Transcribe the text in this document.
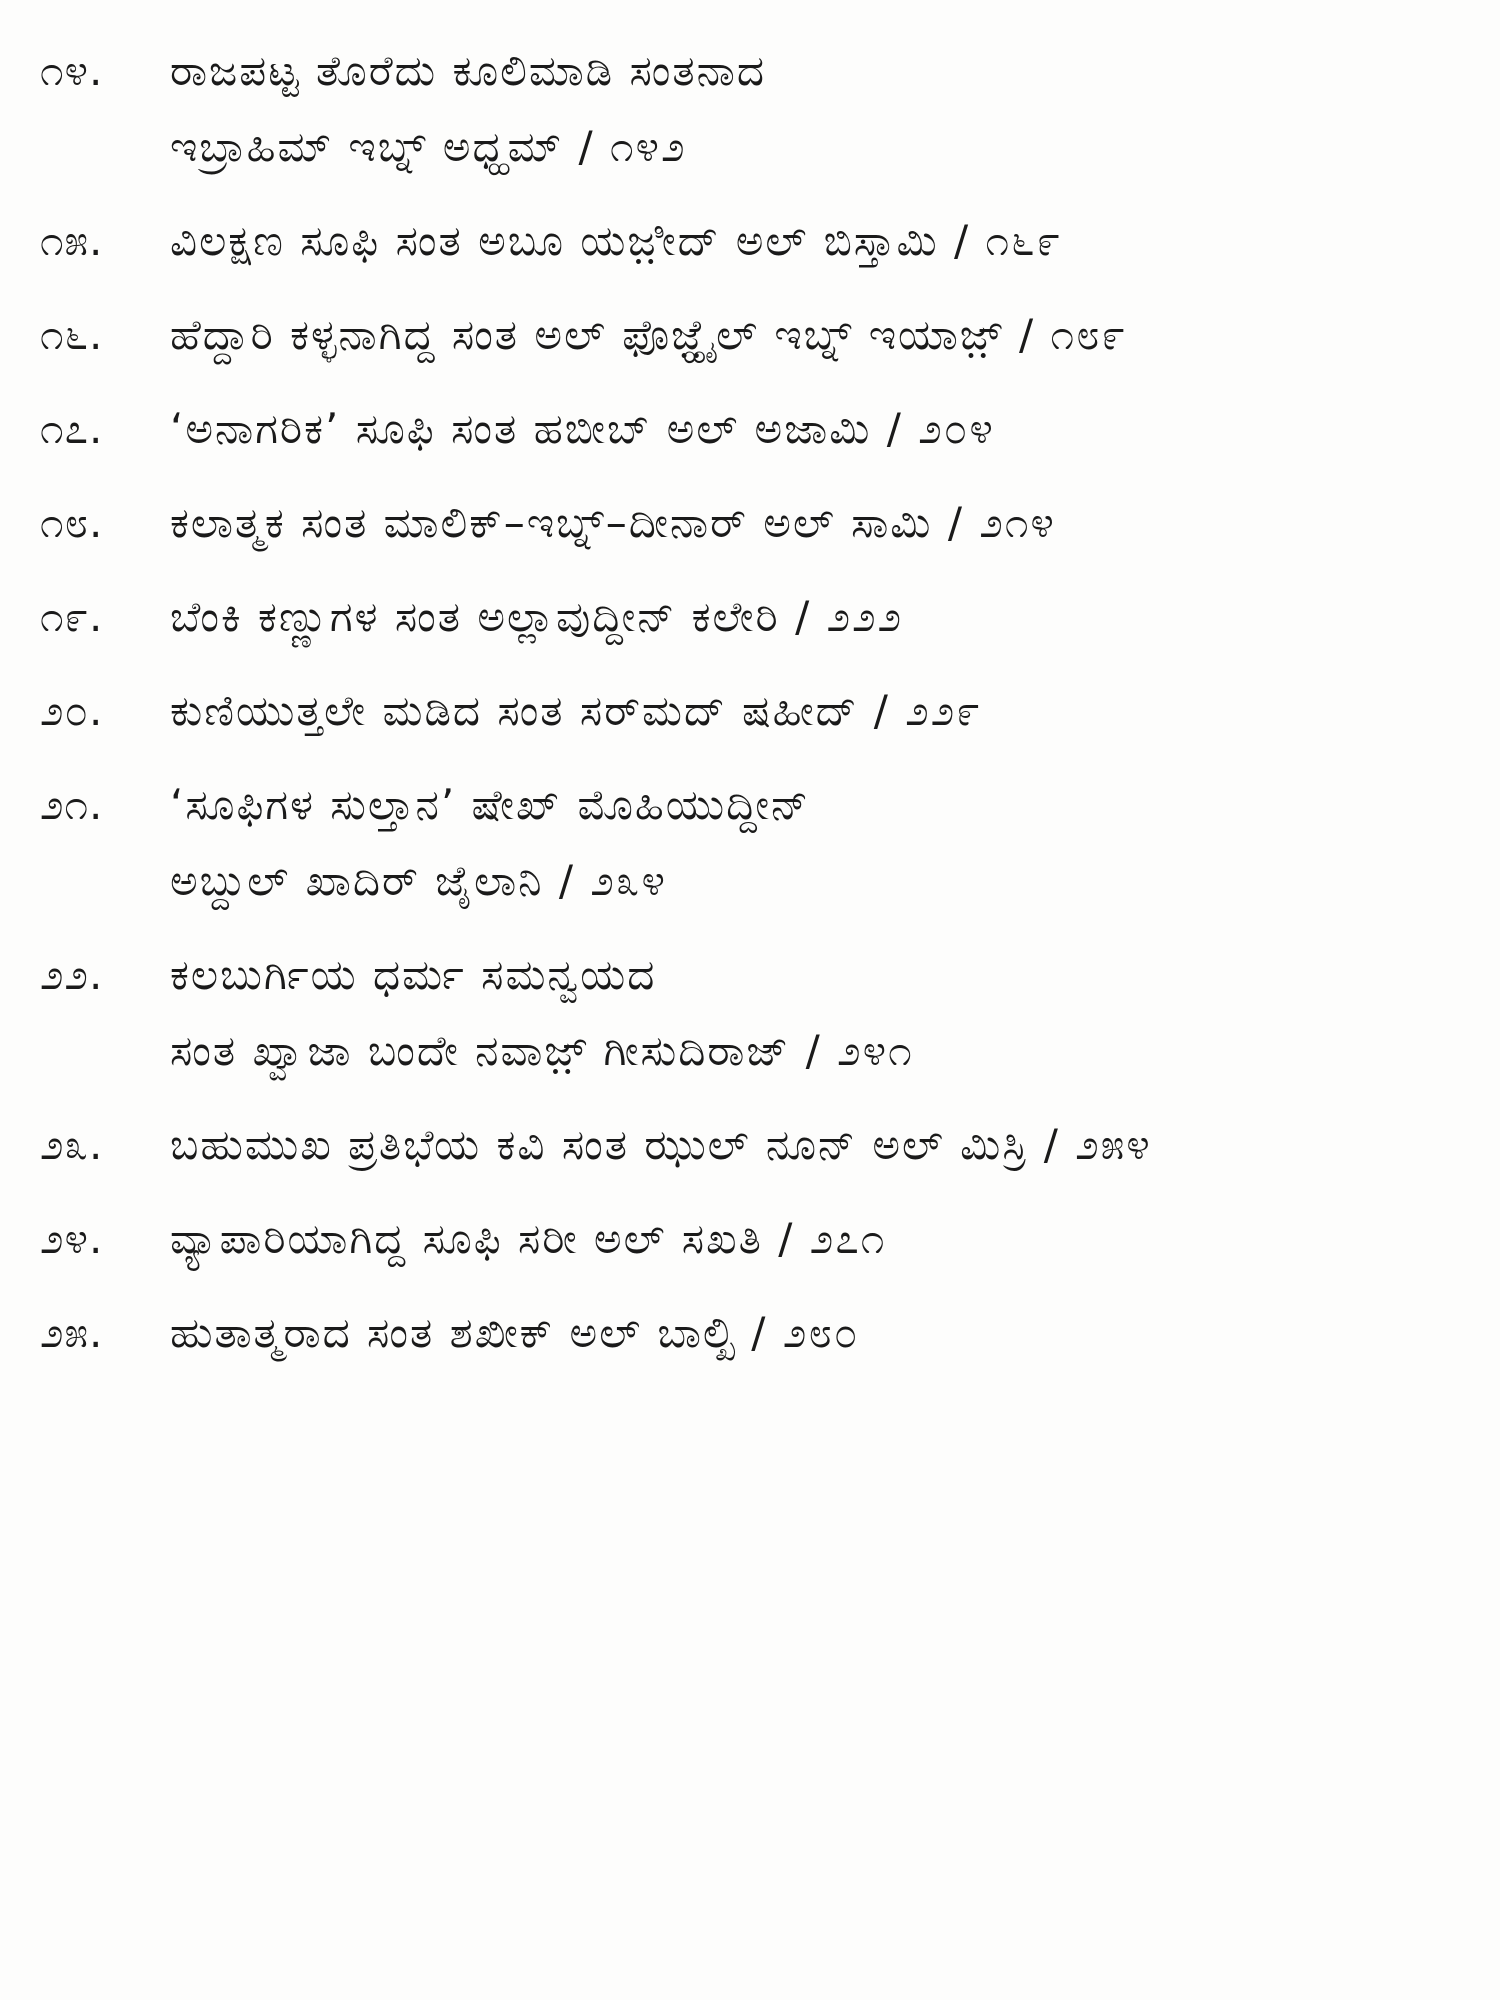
೧೪.	ರಾಜಪಟ್ಟ ತೊರೆದು ಕೂಲಿಮಾಡಿ ಸಂತನಾದ
ಇಬ್ರಾಹಿಮ್ ಇಬ್ನ್ ಅಧ್ಹಮ್ / ೧೪೨
೧೫.	ವಿಲಕ್ಷಣ ಸೂಫಿ ಸಂತ ಅಬೂ ಯಜ಼ೀದ್ ಅಲ್ ಬಿಸ್ತಾಮಿ / ೧೬೯
೧೬.	ಹೆದ್ದಾರಿ ಕಳ್ಳನಾಗಿದ್ದ ಸಂತ ಅಲ್ ಫೊಜ಼್ಹೈಲ್ ಇಬ್ನ್ ಇಯಾಜ಼್ / ೧೮೯
೧೭.	‘ಅನಾಗರಿಕ’ ಸೂಫಿ ಸಂತ ಹಬೀಬ್ ಅಲ್ ಅಜಾಮಿ / ೨೦೪
೧೮.	ಕಲಾತ್ಮಕ ಸಂತ ಮಾಲಿಕ್–ಇಬ್ನ್–ದೀನಾರ್ ಅಲ್ ಸಾಮಿ / ೨೧೪
೧೯.	ಬೆಂಕಿ ಕಣ್ಣುಗಳ ಸಂತ ಅಲ್ಲಾವುದ್ದೀನ್ ಕಲೇರಿ / ೨೨೨
೨೦.	ಕುಣಿಯುತ್ತಲೇ ಮಡಿದ ಸಂತ ಸರ್‌ಮದ್ ಷಹೀದ್ / ೨೨೯
೨೧.	‘ಸೂಫಿಗಳ ಸುಲ್ತಾನ’ ಷೇಖ್ ಮೊಹಿಯುದ್ದೀನ್
ಅಬ್ದುಲ್ ಖಾದಿರ್ ಜೈಲಾನಿ / ೨೩೪
೨೨.	ಕಲಬುರ್ಗಿಯ ಧರ್ಮ ಸಮನ್ವಯದ
ಸಂತ ಖ್ವಾಜಾ ಬಂದೇ ನವಾಜ಼್ ಗೀಸುದಿರಾಜ್ / ೨೪೧
೨೩.	ಬಹುಮುಖ ಪ್ರತಿಭೆಯ ಕವಿ ಸಂತ ಝುಲ್ ನೂನ್ ಅಲ್ ಮಿಸ್ರಿ / ೨೫೪
೨೪.	ವ್ಯಾಪಾರಿಯಾಗಿದ್ದ ಸೂಫಿ ಸರೀ ಅಲ್ ಸಖತಿ / ೨೭೧
೨೫.	ಹುತಾತ್ಮರಾದ ಸಂತ ಶಖೀಕ್ ಅಲ್ ಬಾಲ್ಖಿ / ೨೮೦
